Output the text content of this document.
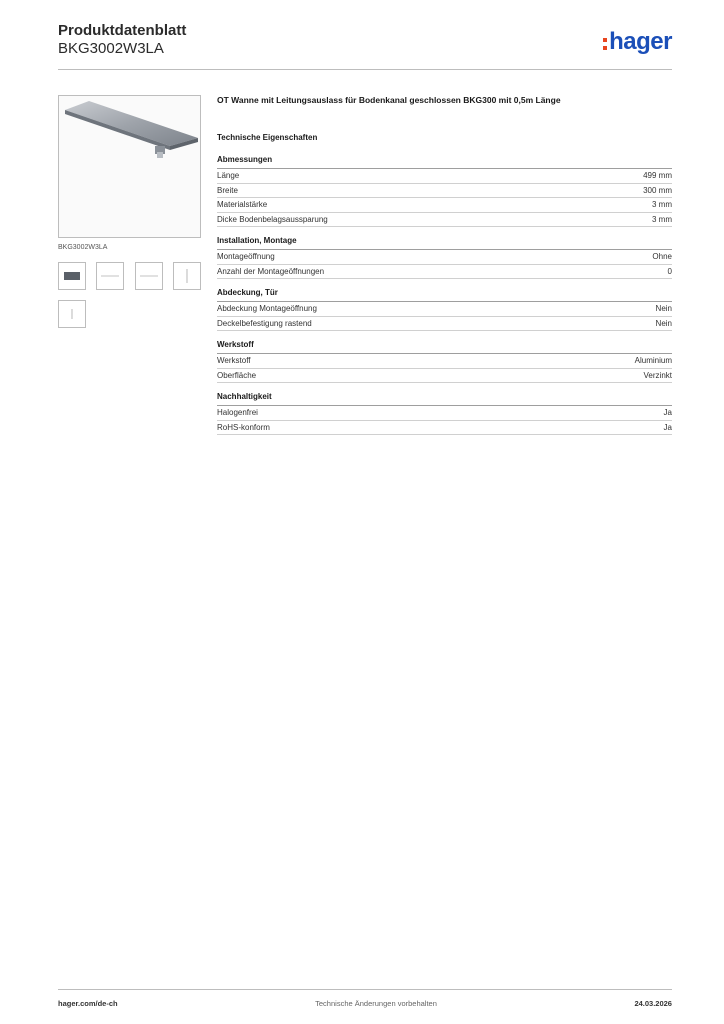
Produktdatenblatt
BKG3002W3LA	hager
BKG3002W3LA
OT Wanne mit Leitungsauslass für Bodenkanal geschlossen BKG300 mit 0,5m Länge
Technische Eigenschaften
Abmessungen
Länge	499 mm
Breite	300 mm
Materialstärke	3 mm
Dicke Bodenbelagsaussparung	3 mm
Installation, Montage
Montageöffnung	Ohne
Anzahl der Montageöffnungen	0
Abdeckung, Tür
Abdeckung Montageöffnung	Nein
Deckelbefestigung rastend	Nein
Werkstoff
Werkstoff	Aluminium
Oberfläche	Verzinkt
Nachhaltigkeit
Halogenfrei	Ja
RoHS-konform	Ja
hager.com/de-ch	Technische Änderungen vorbehalten	24.03.2026
